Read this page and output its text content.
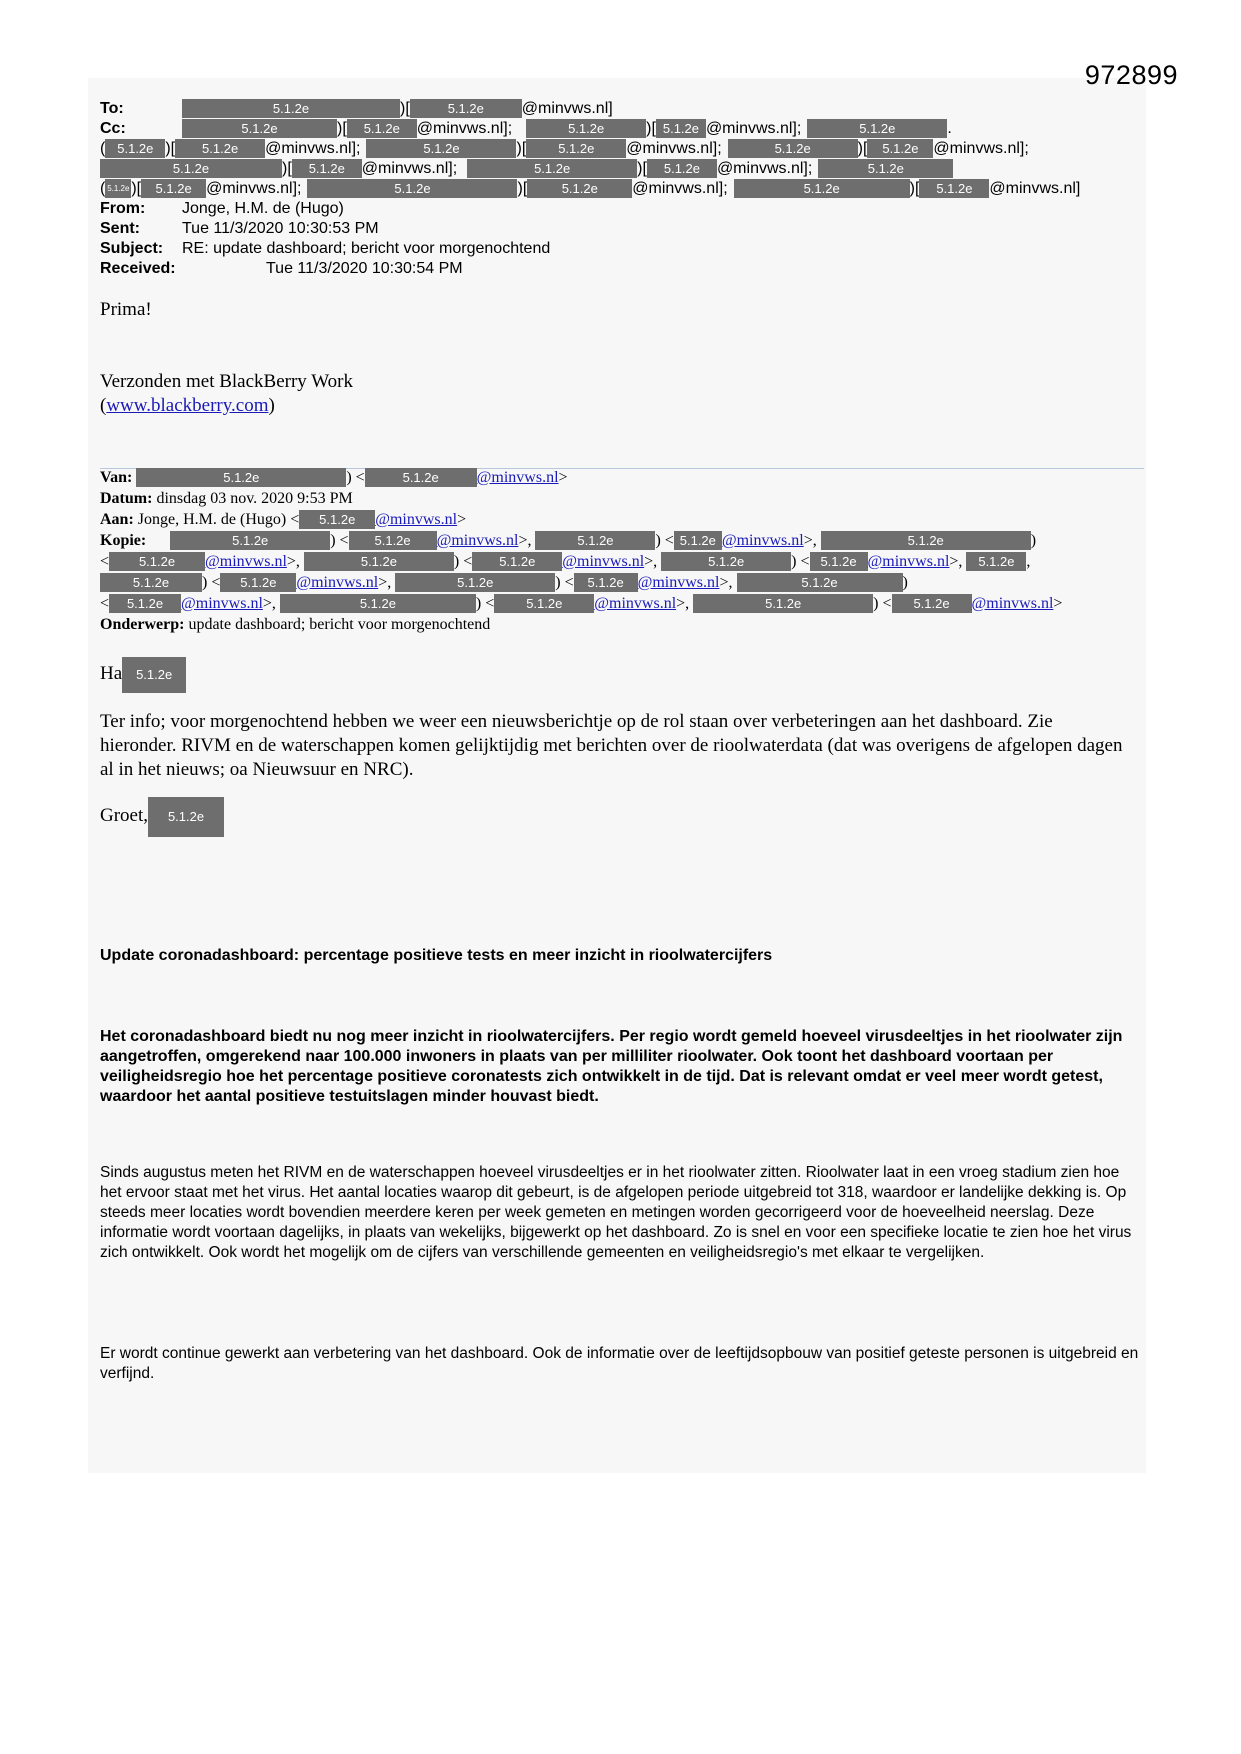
972899
To:	5.1.2e	)[	5.1.2e @minvws.nl]
Cc:	5.1.2e	)[ 5.1.2e @minvws.nl];	5.1.2e	)[ 5.1.2e @minvws.nl];	5.1.2e	.
( 5.1.2e )[ 5.1.2e @minvws.nl];	5.1.2e	)[ 5.1.2e @minvws.nl];	5.1.2e	)[ 5.1.2e @minvws.nl];
5.1.2e	)[ 5.1.2e @minvws.nl];	5.1.2e	)[ 5.1.2e @minvws.nl];	5.1.2e
( 5.1.2e )[ 5.1.2e @minvws.nl];	5.1.2e	)[	5.1.2e @minvws.nl];	5.1.2e	)[ 5.1.2e @minvws.nl]
From: Jonge, H.M. de (Hugo)
Sent:	Tue 11/3/2020 10:30:53 PM
Subject: RE: update dashboard; bericht voor morgenochtend
Received:	Tue 11/3/2020 10:30:54 PM
Prima!
Verzonden met BlackBerry Work
(www.blackberry.com)
Van:	5.1.2e	) <	5.1.2e @minvws.nl>
Datum: dinsdag 03 nov. 2020 9:53 PM
Aan: Jonge, H.M. de (Hugo) < 5.1.2e @minvws.nl>
Kopie:	5.1.2e	) < 5.1.2e @minvws.nl>,	5.1.2e	) < 5.1.2e @minvws.nl>,	5.1.2e	)
< 5.1.2e @minvws.nl>,	5.1.2e	) < 5.1.2e @minvws.nl>,	5.1.2e	) < 5.1.2e @minvws.nl>, 5.1.2e ,
5.1.2e ) < 5.1.2e @minvws.nl>,	5.1.2e	) < 5.1.2e @minvws.nl>,	5.1.2e	)
< 5.1.2e @minvws.nl>,	5.1.2e	) < 5.1.2e @minvws.nl>,	5.1.2e	) < 5.1.2e @minvws.nl>
Onderwerp: update dashboard; bericht voor morgenochtend
Ha 5.1.2e
Ter info; voor morgenochtend hebben we weer een nieuwsberichtje op de rol staan over verbeteringen aan het dashboard. Zie hieronder. RIVM en de waterschappen komen gelijktijdig met berichten over de rioolwaterdata (dat was overigens de afgelopen dagen al in het nieuws; oa Nieuwsuur en NRC).
Groet, 5.1.2e
Update coronadashboard: percentage positieve tests en meer inzicht in rioolwatercijfers
Het coronadashboard biedt nu nog meer inzicht in rioolwatercijfers. Per regio wordt gemeld hoeveel virusdeeltjes in het rioolwater zijn aangetroffen, omgerekend naar 100.000 inwoners in plaats van per milliliter rioolwater. Ook toont het dashboard voortaan per veiligheidsregio hoe het percentage positieve coronatests zich ontwikkelt in de tijd. Dat is relevant omdat er veel meer wordt getest, waardoor het aantal positieve testuitslagen minder houvast biedt.
Sinds augustus meten het RIVM en de waterschappen hoeveel virusdeeltjes er in het rioolwater zitten. Rioolwater laat in een vroeg stadium zien hoe het ervoor staat met het virus. Het aantal locaties waarop dit gebeurt, is de afgelopen periode uitgebreid tot 318, waardoor er landelijke dekking is. Op steeds meer locaties wordt bovendien meerdere keren per week gemeten en metingen worden gecorrigeerd voor de hoeveelheid neerslag. Deze informatie wordt voortaan dagelijks, in plaats van wekelijks, bijgewerkt op het dashboard. Zo is snel en voor een specifieke locatie te zien hoe het virus zich ontwikkelt. Ook wordt het mogelijk om de cijfers van verschillende gemeenten en veiligheidsregio's met elkaar te vergelijken.
Er wordt continue gewerkt aan verbetering van het dashboard. Ook de informatie over de leeftijdsopbouw van positief geteste personen is uitgebreid en verfijnd.
